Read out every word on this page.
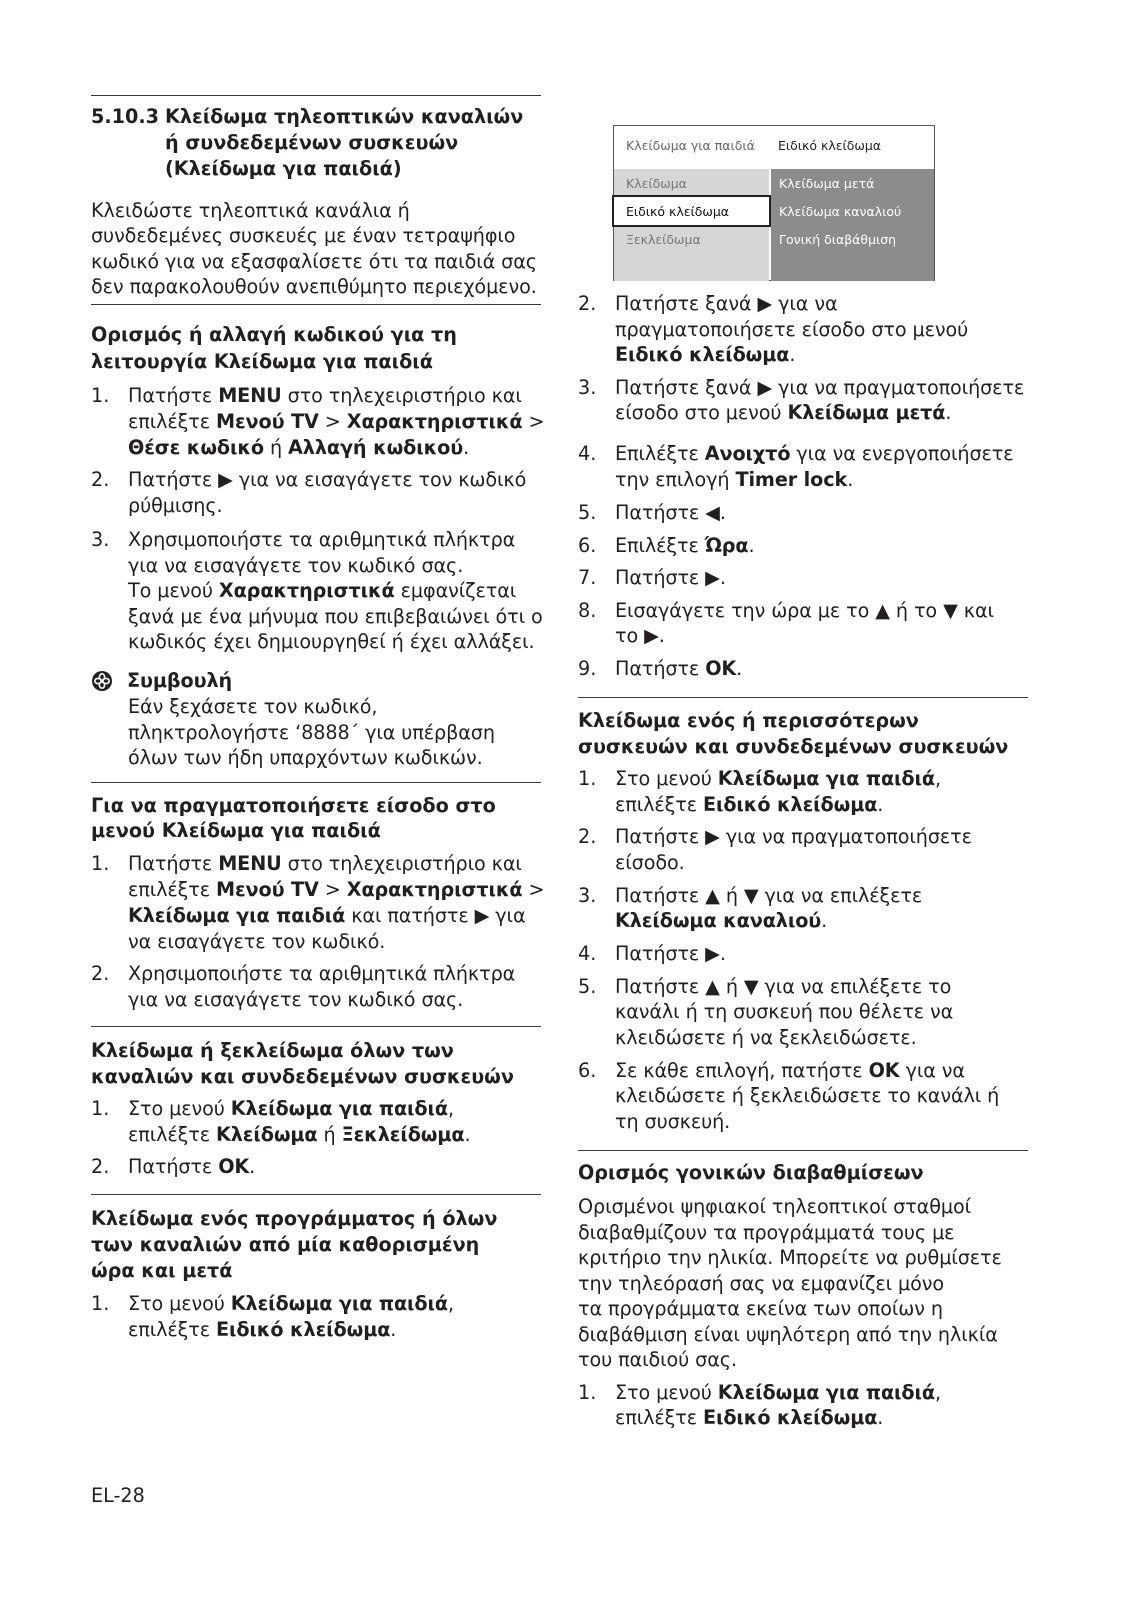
5.10.3 Κλείδωμα τηλεοπτικών καναλιών
ή συνδεδεμένων συσκευών
(Κλείδωμα για παιδιά)
Κλειδώστε τηλεοπτικά κανάλια ή
συνδεδεμένες συσκευές με έναν τετραψήφιο
κωδικό για να εξασφαλίσετε ότι τα παιδιά σας
δεν παρακολουθούν ανεπιθύμητο περιεχόμενο.
Ορισμός ή αλλαγή κωδικού για τη
λειτουργία Κλείδωμα για παιδιά
1. Πατήστε MENU στο τηλεχειριστήριο και
επιλέξτε Μενού TV > Χαρακτηριστικά >
Θέσε κωδικό ή Αλλαγή κωδικού.
2. Πατήστε ▶ για να εισαγάγετε τον κωδικό
ρύθμισης.
3. Χρησιμοποιήστε τα αριθμητικά πλήκτρα
για να εισαγάγετε τον κωδικό σας.
Το μενού Χαρακτηριστικά εμφανίζεται
ξανά με ένα μήνυμα που επιβεβαιώνει ότι ο
κωδικός έχει δημιουργηθεί ή έχει αλλάξει.
Συμβουλή
Εάν ξεχάσετε τον κωδικό,
πληκτρολογήστε ‘8888΄ για υπέρβαση
όλων των ήδη υπαρχόντων κωδικών.
Για να πραγματοποιήσετε είσοδο στο
μενού Κλείδωμα για παιδιά
1. Πατήστε MENU στο τηλεχειριστήριο και
επιλέξτε Μενού TV > Χαρακτηριστικά >
Κλείδωμα για παιδιά και πατήστε ▶ για
να εισαγάγετε τον κωδικό.
2. Χρησιμοποιήστε τα αριθμητικά πλήκτρα
για να εισαγάγετε τον κωδικό σας.
Κλείδωμα ή ξεκλείδωμα όλων των
καναλιών και συνδεδεμένων συσκευών
1. Στο μενού Κλείδωμα για παιδιά,
επιλέξτε Κλείδωμα ή Ξεκλείδωμα.
2. Πατήστε OK.
Κλείδωμα ενός προγράμματος ή όλων
των καναλιών από μία καθορισμένη
ώρα και μετά
1. Στο μενού Κλείδωμα για παιδιά,
επιλέξτε Ειδικό κλείδωμα.
Κλείδωμα για παιδιά Ειδικό κλείδωμα
Κλείδωμα	Κλείδωμα μετά
Ειδικό κλείδωμα	Κλείδωμα καναλιού
Ξεκλείδωμα	Γονική διαβάθμιση
2. Πατήστε ξανά ▶ για να
πραγματοποιήσετε είσοδο στο μενού
Ειδικό κλείδωμα.
3. Πατήστε ξανά ▶ για να πραγματοποιήσετε
είσοδο στο μενού Κλείδωμα μετά.
4. Επιλέξτε Ανοιχτό για να ενεργοποιήσετε
την επιλογή Timer lock.
5. Πατήστε ◀.
6. Επιλέξτε Ώρα.
7. Πατήστε ▶.
8. Εισαγάγετε την ώρα με το ▲ ή το ▼ και
το ▶.
9. Πατήστε OK.
Κλείδωμα ενός ή περισσότερων
συσκευών και συνδεδεμένων συσκευών
1. Στο μενού Κλείδωμα για παιδιά,
επιλέξτε Ειδικό κλείδωμα.
2. Πατήστε ▶ για να πραγματοποιήσετε
είσοδο.
3. Πατήστε ▲ ή ▼ για να επιλέξετε
Κλείδωμα καναλιού.
4. Πατήστε ▶.
5. Πατήστε ▲ ή ▼ για να επιλέξετε το
κανάλι ή τη συσκευή που θέλετε να
κλειδώσετε ή να ξεκλειδώσετε.
6. Σε κάθε επιλογή, πατήστε OK για να
κλειδώσετε ή ξεκλειδώσετε το κανάλι ή
τη συσκευή.
Ορισμός γονικών διαβαθμίσεων
Ορισμένοι ψηφιακοί τηλεοπτικοί σταθμοί
διαβαθμίζουν τα προγράμματά τους με
κριτήριο την ηλικία. Μπορείτε να ρυθμίσετε
την τηλεόρασή σας να εμφανίζει μόνο
τα προγράμματα εκείνα των οποίων η
διαβάθμιση είναι υψηλότερη από την ηλικία
του παιδιού σας.
1. Στο μενού Κλείδωμα για παιδιά,
επιλέξτε Ειδικό κλείδωμα.
EL-28
